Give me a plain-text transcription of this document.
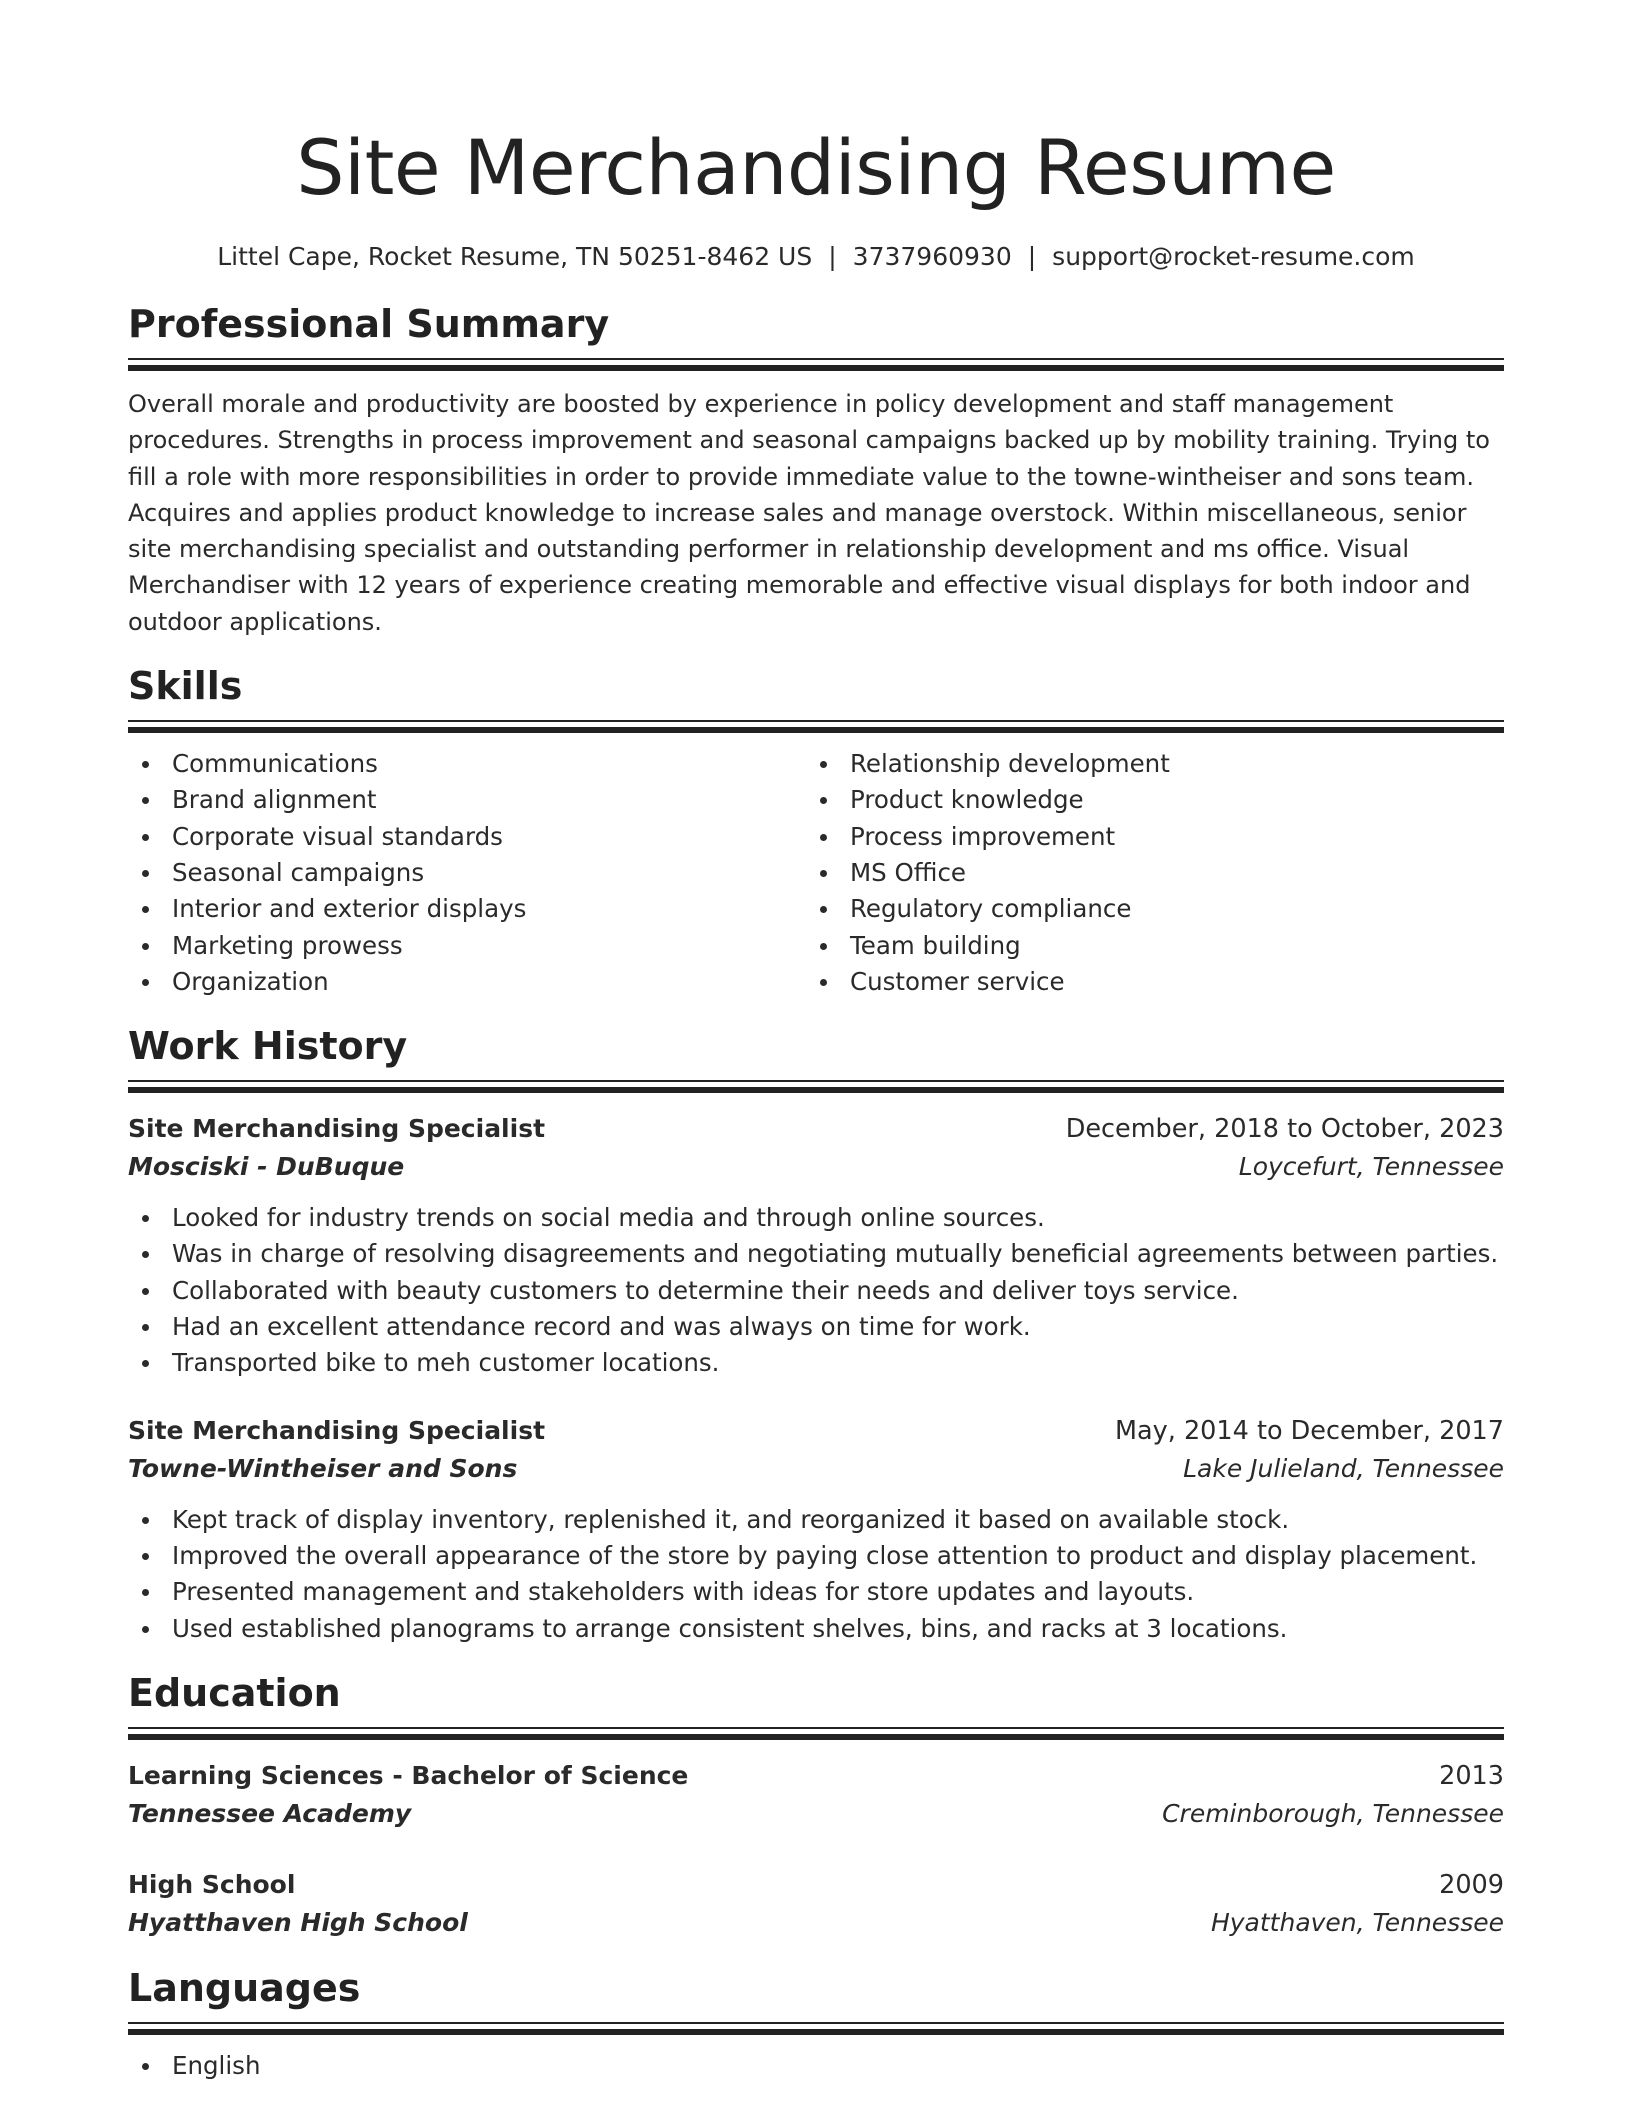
Site Merchandising Resume
Littel Cape, Rocket Resume, TN 50251-8462 US | 3737960930 | support@rocket-resume.com
Professional Summary
Overall morale and productivity are boosted by experience in policy development and staff management procedures. Strengths in process improvement and seasonal campaigns backed up by mobility training. Trying to fill a role with more responsibilities in order to provide immediate value to the towne-wintheiser and sons team. Acquires and applies product knowledge to increase sales and manage overstock. Within miscellaneous, senior site merchandising specialist and outstanding performer in relationship development and ms office. Visual Merchandiser with 12 years of experience creating memorable and effective visual displays for both indoor and outdoor applications.
Skills
Communications
Brand alignment
Corporate visual standards
Seasonal campaigns
Interior and exterior displays
Marketing prowess
Organization
Relationship development
Product knowledge
Process improvement
MS Office
Regulatory compliance
Team building
Customer service
Work History
Site Merchandising Specialist	December, 2018 to October, 2023
Mosciski - DuBuque	Loycefurt, Tennessee
Looked for industry trends on social media and through online sources.
Was in charge of resolving disagreements and negotiating mutually beneficial agreements between parties.
Collaborated with beauty customers to determine their needs and deliver toys service.
Had an excellent attendance record and was always on time for work.
Transported bike to meh customer locations.
Site Merchandising Specialist	May, 2014 to December, 2017
Towne-Wintheiser and Sons	Lake Julieland, Tennessee
Kept track of display inventory, replenished it, and reorganized it based on available stock.
Improved the overall appearance of the store by paying close attention to product and display placement.
Presented management and stakeholders with ideas for store updates and layouts.
Used established planograms to arrange consistent shelves, bins, and racks at 3 locations.
Education
Learning Sciences - Bachelor of Science	2013
Tennessee Academy	Creminborough, Tennessee
High School	2009
Hyatthaven High School	Hyatthaven, Tennessee
Languages
English
